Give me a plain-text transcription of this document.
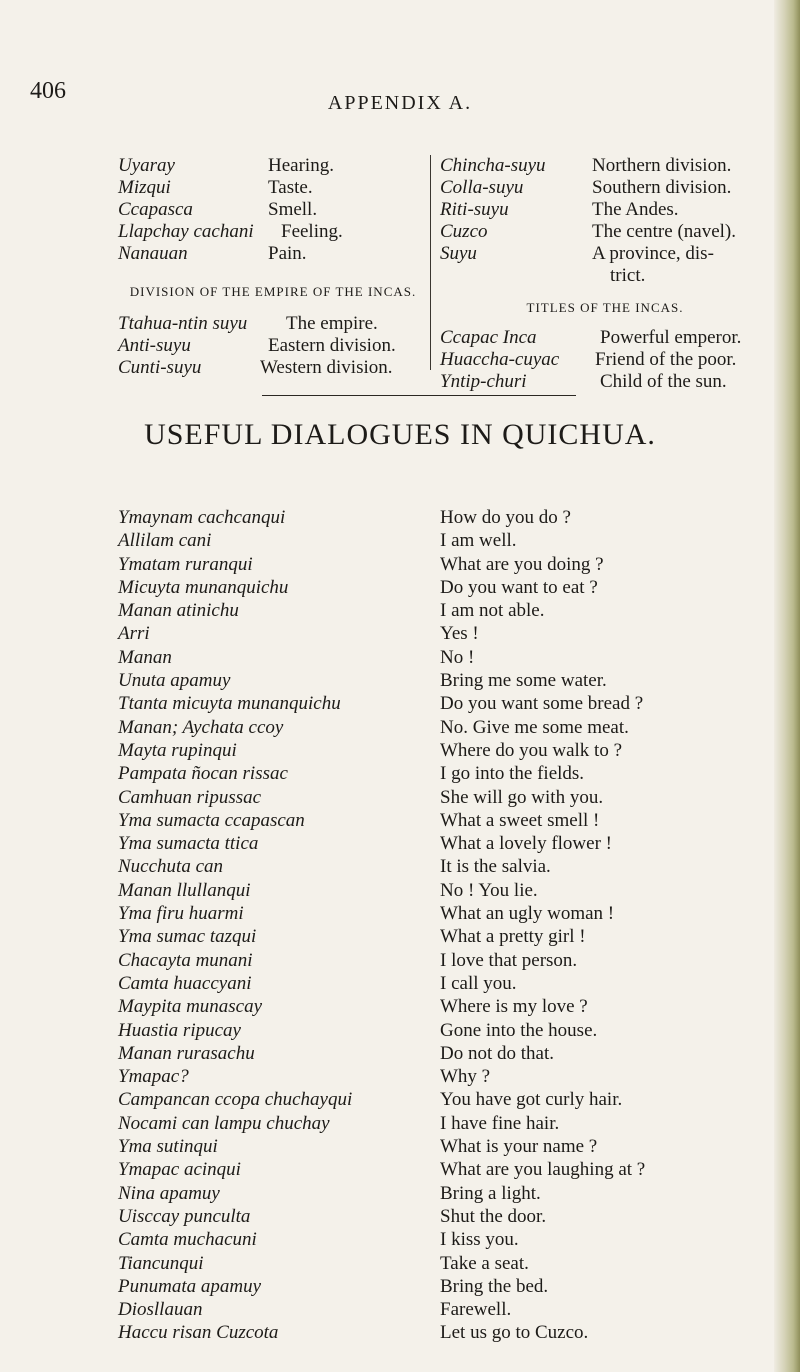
406	APPENDIX A.
Uyaray	Hearing.
Mizqui	Taste.
Ccapasca	Smell.
Llapchay cachani Feeling.
Nanauan	Pain.
DIVISION OF THE EMPIRE OF THE INCAS.
Ttahua-ntin suyu The empire.
Anti-suyu	Eastern division.
Cunti-suyu	Western division.
Chincha-suyu Northern division.
Colla-suyu	Southern division.
Riti-suyu	The Andes.
Cuzco	The centre (navel).
Suyu	A province, dis-
trict.
TITLES OF THE INCAS.
Ccapac Inca	Powerful emperor.
Huaccha-cuyac Friend of the poor.
Yntip-churi	Child of the sun.
USEFUL DIALOGUES IN QUICHUA.
Ymaynam cachcanqui	How do you do ?
Allilam cani	I am well.
Ymatam ruranqui	What are you doing ?
Micuyta munanquichu	Do you want to eat ?
Manan atinichu	I am not able.
Arri	Yes !
Manan	No !
Unuta apamuy	Bring me some water.
Ttanta micuyta munanquichu	Do you want some bread ?
Manan; Aychata ccoy	No. Give me some meat.
Mayta rupinqui	Where do you walk to ?
Pampata ñocan rissac	I go into the fields.
Camhuan ripussac	She will go with you.
Yma sumacta ccapascan	What a sweet smell !
Yma sumacta ttica	What a lovely flower !
Nucchuta can	It is the salvia.
Manan llullanqui	No ! You lie.
Yma firu huarmi	What an ugly woman !
Yma sumac tazqui	What a pretty girl !
Chacayta munani	I love that person.
Camta huaccyani	I call you.
Maypita munascay	Where is my love ?
Huastia ripucay	Gone into the house.
Manan rurasachu	Do not do that.
Ymapac?	Why ?
Campancan ccopa chuchayqui	You have got curly hair.
Nocami can lampu chuchay	I have fine hair.
Yma sutinqui	What is your name ?
Ymapac acinqui	What are you laughing at ?
Nina apamuy	Bring a light.
Uisccay punculta	Shut the door.
Camta muchacuni	I kiss you.
Tiancunqui	Take a seat.
Punumata apamuy	Bring the bed.
Diosllauan	Farewell.
Haccu risan Cuzcota	Let us go to Cuzco.
